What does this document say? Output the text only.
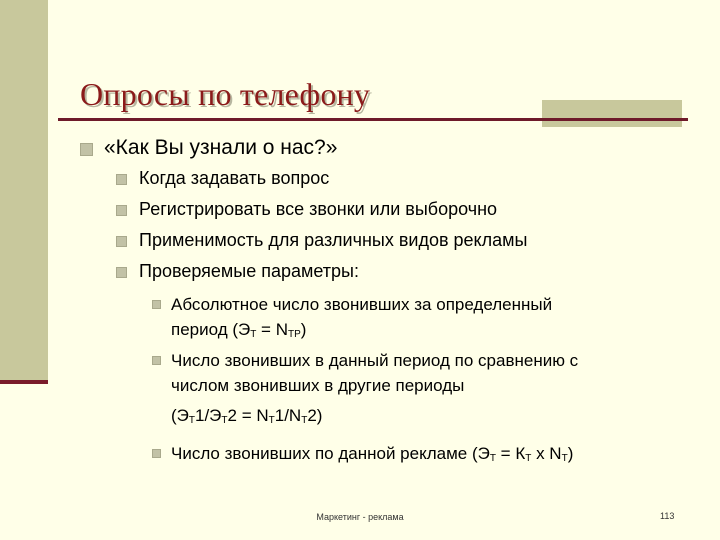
Опросы по телефону
«Как Вы узнали о нас?»
Когда задавать вопрос
Регистрировать все звонки или выборочно
Применимость для различных видов рекламы
Проверяемые параметры:
Абсолютное число звонивших за определенный
период $(Э_Т = N_{ТР})$
Число звонивших в данный период по сравнению с
числом звонивших в другие периоды
$(Э_Т1/Э_Т2 = N_Т1/N_Т2)$
Число звонивших по данной рекламе ($Э_Т = К_Т$ х $N_Т$)
Маркетинг - реклама	113
